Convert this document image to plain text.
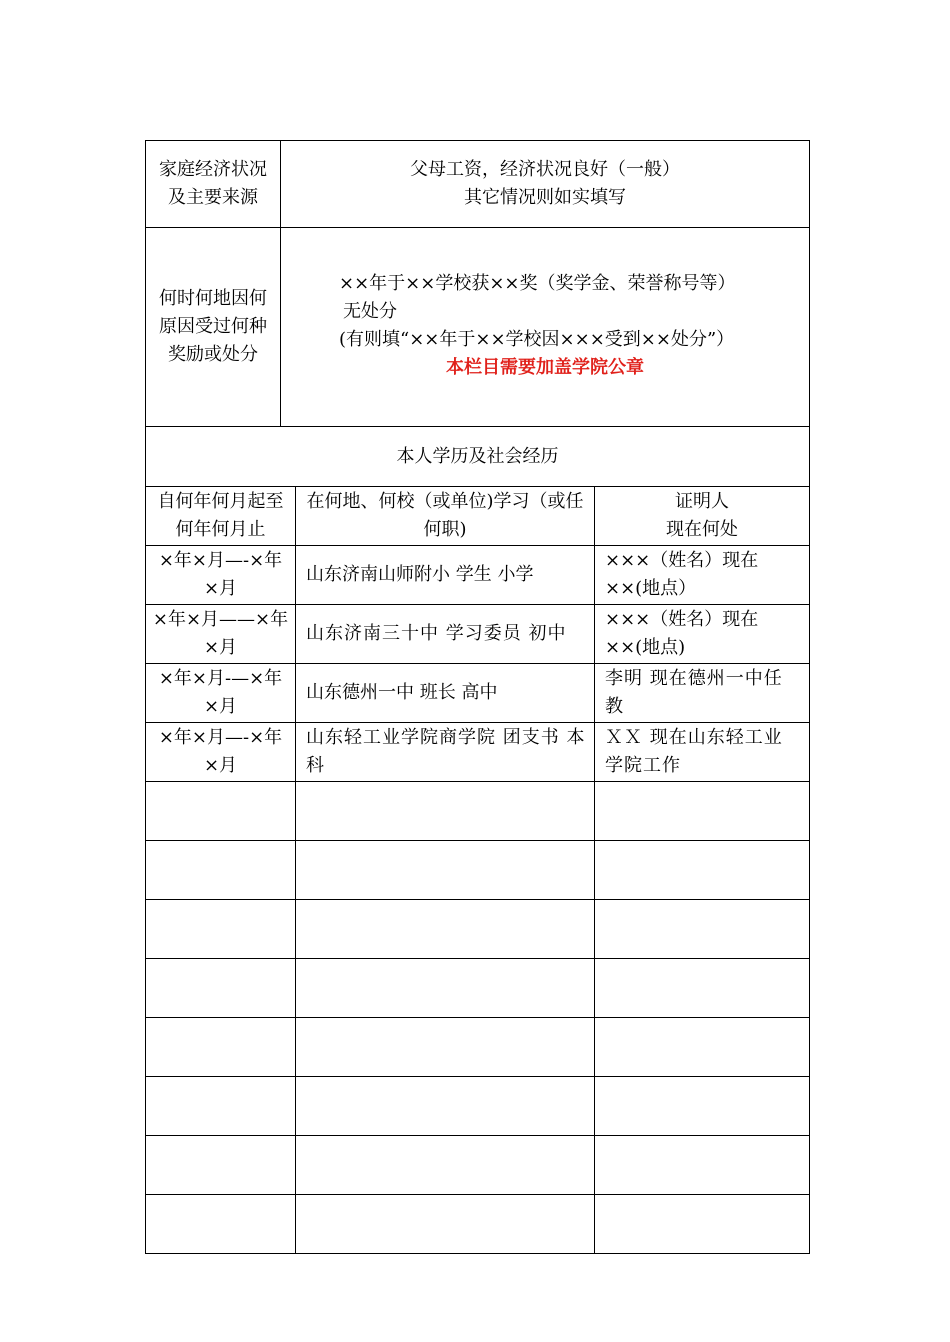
家庭经济状况及主要来源	父母工资，经济状况良好（一般）
其它情况则如实填写		

何时何地因何原因受过何种奖励或处分	××年于××学校获××奖（奖学金、荣誉称号等）
无处分
(有则填“××年于××学校因×××受到××处分”）
本栏目需要加盖学院公章		

本人学历及社会经历			
自何年何月起至何年何月止		在何地、何校（或单位)学习（或任何职)	证明人
现在何处

×年×月—-×年×月		山东济南山师附小 学生 小学	×××（姓名）现在××(地点）
×年×月——×年×月		山东济南三十中 学习委员 初中	×××（姓名）现在××(地点)
×年×月-—×年×月		山东德州一中 班长 高中	李明 现在德州一中任教
×年×月—-×年×月		山东轻工业学院商学院 团支书 本科	ＸＸ 现在山东轻工业学院工作
